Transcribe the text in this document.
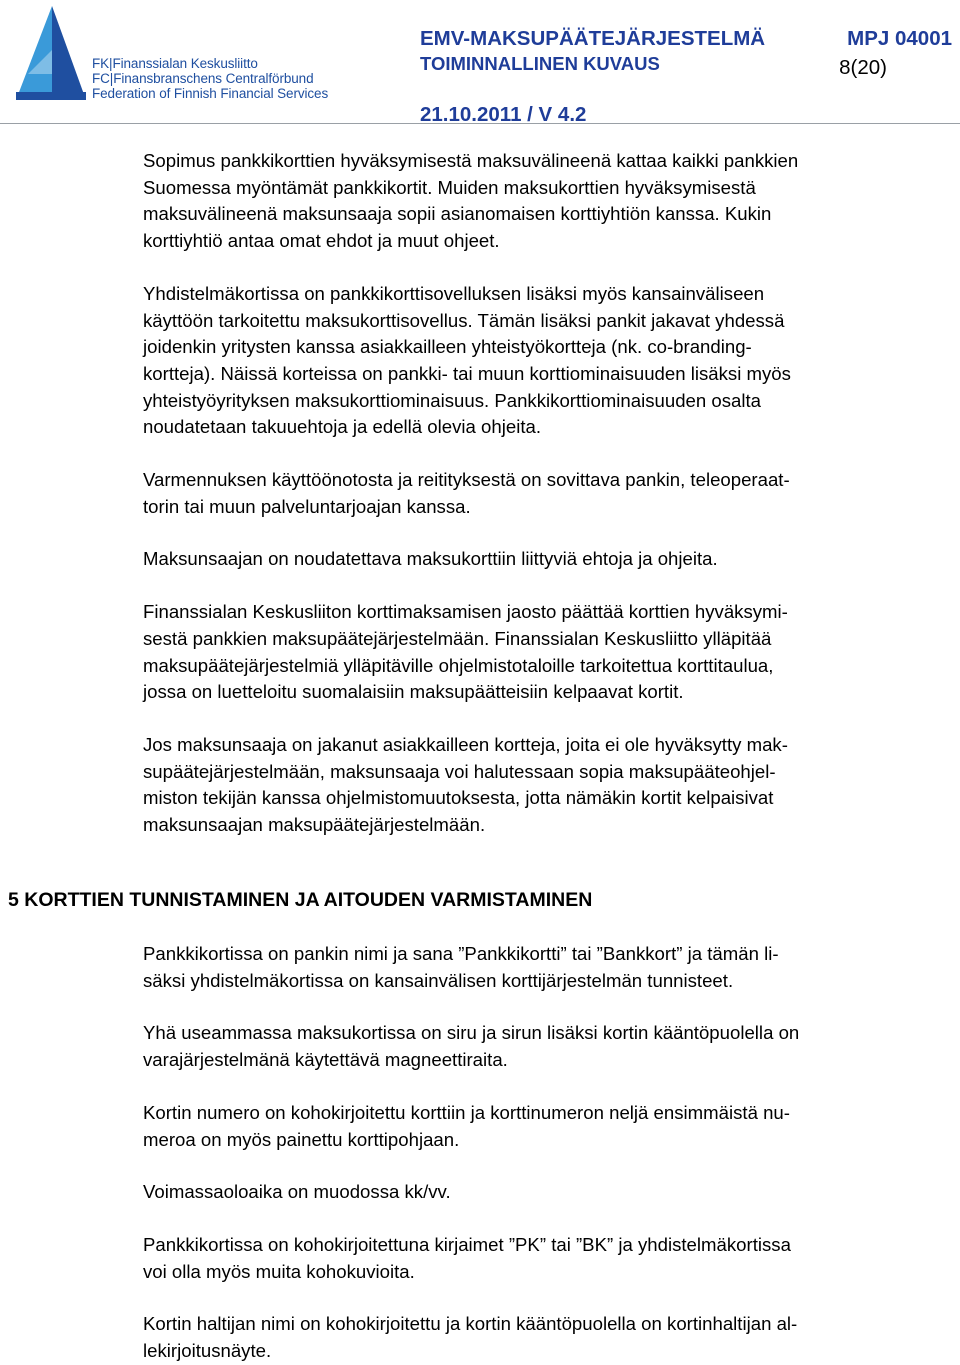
FK|Finanssialan Keskusliitto
FC|Finansbranschens Centralförbund
Federation of Finnish Financial Services
EMV-MAKSUPÄÄTEJÄRJESTELMÄ	MPJ 04001
TOIMINNALLINEN KUVAUS	8(20)
21.10.2011 / V 4.2

Sopimus pankkikorttien hyväksymisestä maksuvälineenä kattaa kaikki pankkien
Suomessa myöntämät pankkikortit. Muiden maksukorttien hyväksymisestä
maksuvälineenä maksunsaaja sopii asianomaisen korttiyhtiön kanssa. Kukin
korttiyhtiö antaa omat ehdot ja muut ohjeet.

Yhdistelmäkortissa on pankkikorttisovelluksen lisäksi myös kansainväliseen
käyttöön tarkoitettu maksukorttisovellus. Tämän lisäksi pankit jakavat yhdessä
joidenkin yritysten kanssa asiakkailleen yhteistyökortteja (nk. co-branding-
kortteja). Näissä korteissa on pankki- tai muun korttiominaisuuden lisäksi myös
yhteistyöyrityksen maksukorttiominaisuus. Pankkikorttiominaisuuden osalta
noudatetaan takuuehtoja ja edellä olevia ohjeita.

Varmennuksen käyttöönotosta ja reitityksestä on sovittava pankin, teleoperaat-
torin tai muun palveluntarjoajan kanssa.

Maksunsaajan on noudatettava maksukorttiin liittyviä ehtoja ja ohjeita.

Finanssialan Keskusliiton korttimaksamisen jaosto päättää korttien hyväksymi-
sestä pankkien maksupäätejärjestelmään. Finanssialan Keskusliitto ylläpitää
maksupäätejärjestelmiä ylläpitäville ohjelmistotaloille tarkoitettua korttitaulua,
jossa on luetteloitu suomalaisiin maksupäätteisiin kelpaavat kortit.

Jos maksunsaaja on jakanut asiakkailleen kortteja, joita ei ole hyväksytty mak-
supäätejärjestelmään, maksunsaaja voi halutessaan sopia maksupääteohjel-
miston tekijän kanssa ohjelmistomuutoksesta, jotta nämäkin kortit kelpaisivat
maksunsaajan maksupäätejärjestelmään.

5 KORTTIEN TUNNISTAMINEN JA AITOUDEN VARMISTAMINEN

Pankkikortissa on pankin nimi ja sana ”Pankkikortti” tai ”Bankkort” ja tämän li-
säksi yhdistelmäkortissa on kansainvälisen korttijärjestelmän tunnisteet.

Yhä useammassa maksukortissa on siru ja sirun lisäksi kortin kääntöpuolella on
varajärjestelmänä käytettävä magneettiraita.

Kortin numero on kohokirjoitettu korttiin ja korttinumeron neljä ensimmäistä nu-
meroa on myös painettu korttipohjaan.

Voimassaoloaika on muodossa kk/vv.

Pankkikortissa on kohokirjoitettuna kirjaimet ”PK” tai ”BK” ja yhdistelmäkortissa
voi olla myös muita kohokuvioita.

Kortin haltijan nimi on kohokirjoitettu ja kortin kääntöpuolella on kortinhaltijan al-
lekirjoitusnäyte.
